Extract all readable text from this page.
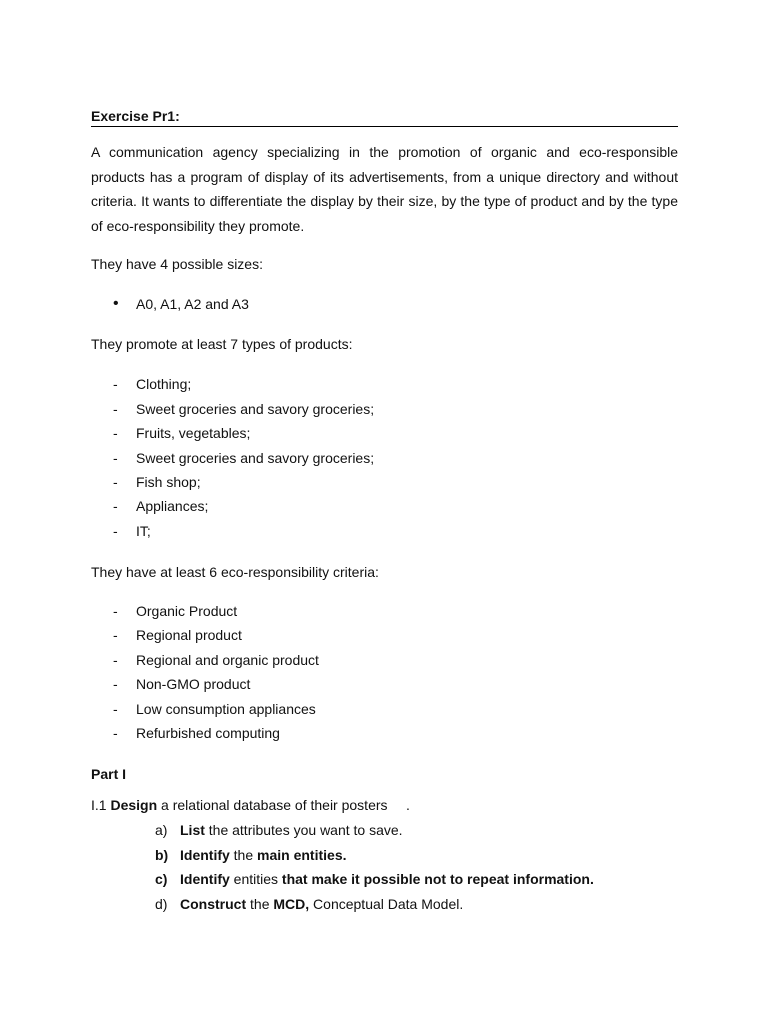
Exercise Pr1:
A communication agency specializing in the promotion of organic and eco-responsible products has a program of display of its advertisements, from a unique directory and without criteria. It wants to differentiate the display by their size, by the type of product and by the type of eco-responsibility they promote.
They have 4 possible sizes:
• A0, A1, A2 and A3
They promote at least 7 types of products:
- Clothing;
- Sweet groceries and savory groceries;
- Fruits, vegetables;
- Sweet groceries and savory groceries;
- Fish shop;
- Appliances;
- IT;
They have at least 6 eco-responsibility criteria:
- Organic Product
- Regional product
- Regional and organic product
- Non-GMO product
- Low consumption appliances
- Refurbished computing
Part I
I.1 Design a relational database of their posters .
a) List the attributes you want to save.
b) Identify the main entities.
c) Identify entities that make it possible not to repeat information.
d) Construct the MCD, Conceptual Data Model.
